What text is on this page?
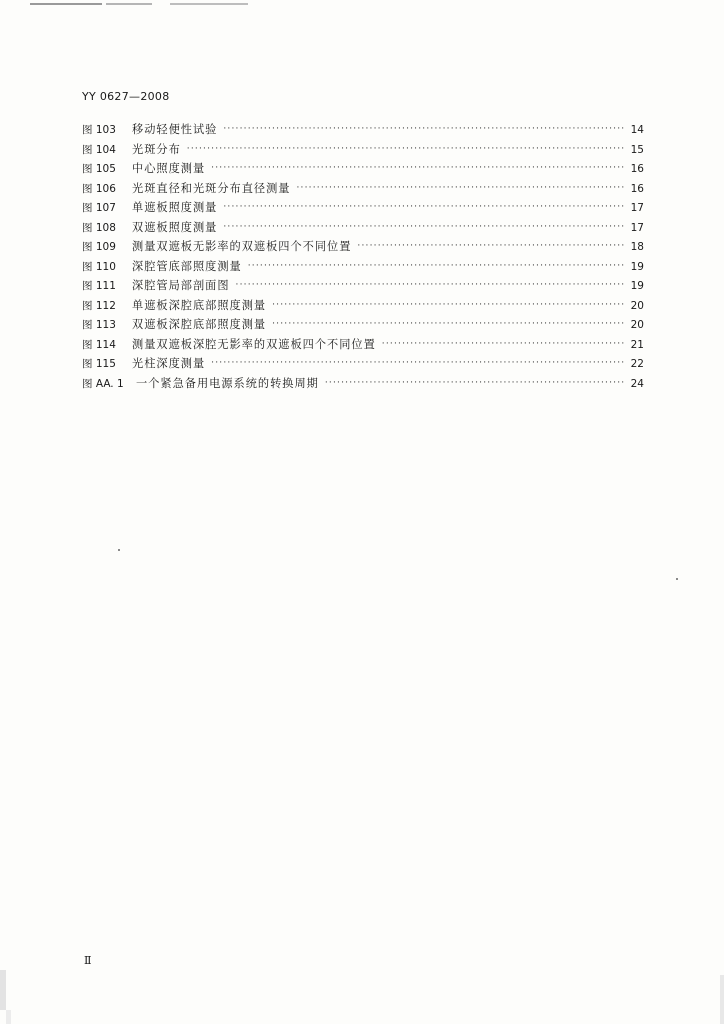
YY 0627—2008
图 103	移动轻便性试验 ·····	14
图 104	光斑分布 ·····	15
图 105	中心照度测量 ·····	16
图 106	光斑直径和光斑分布直径测量 ·····	16
图 107	单遮板照度测量 ·····	17
图 108	双遮板照度测量 ·····	17
图 109	测量双遮板无影率的双遮板四个不同位置 ·····	18
图 110	深腔管底部照度测量 ·····	19
图 111	深腔管局部剖面图 ·····	19
图 112	单遮板深腔底部照度测量 ·····	20
图 113	双遮板深腔底部照度测量 ·····	20
图 114	测量双遮板深腔无影率的双遮板四个不同位置 ·····	21
图 115	光柱深度测量 ·····	22
图 AA. 1	一个紧急备用电源系统的转换周期 ·····	24
Ⅱ
